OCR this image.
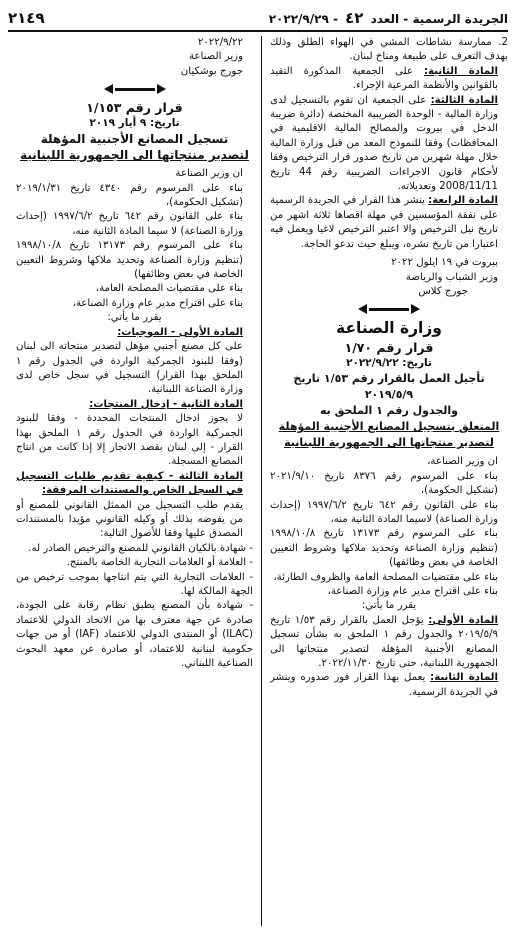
الجريدة الرسمية - العدد ٤٢ - ٢٠٢٢/٩/٢٩
٢١٤٩

2. ممارسة نشاطات المشي في الهواء الطلق وذلك بهدف التعرف على طبيعة ومناخ لبنان.

المادة الثانية: على الجمعية المذكورة التقيد بالقوانين والأنظمة المرعية الإجراء.

المادة الثالثة: على الجمعية ان تقوم بالتسجيل لدى وزارة المالية - الوحدة الضريبية المختصة (دائرة ضريبة الدخل في بيروت والمصالح المالية الاقليمية في المحافظات) وفقا للنموذج المعد من قبل وزارة المالية خلال مهلة شهرين من تاريخ صدور قرار الترخيص وفقا لأحكام قانون الاجراءات الضريبية رقم 44 تاريخ 2008/11/11 وتعديلاته.

المادة الرابعة: ينشر هذا القرار في الجريدة الرسمية على نفقة المؤسسين في مهلة اقصاها ثلاثة اشهر من تاريخ نيل الترخيص والا اعتبر الترخيص لاغيا ويعمل فيه اعتبارا من تاريخ نشره، ويبلغ حيث تدعو الحاجة.

بيروت في ١٩ ايلول ٢٠٢٢

وزير الشباب والرياضة

جورج كلاس

وزارة الصناعة
قرار رقم ١/٧٠
تاريخ: ٢٠٢٢/٩/٢٢
تأجيل العمل بالقرار رقم ١/٥٣ تاريخ ٢٠١٩/٥/٩
والجدول رقم ١ الملحق به
المتعلق بتسجيل المصانع الأجنبية المؤهلة
لتصدير منتجاتها الى الجمهورية اللبنانية

ان وزير الصناعة،

بناء على المرسوم رقم ٨٣٧٦ تاريخ ٢٠٢١/٩/١٠ (تشكيل الحكومة)،

بناء على القانون رقم ٦٤٢ تاريخ ١٩٩٧/٦/٢ (إحداث وزارة الصناعة) لاسيما المادة الثانية منه،

بناء على المرسوم رقم ١٣١٧٣ تاريخ ١٩٩٨/١٠/٨ (تنظيم وزارة الصناعة وتحديد ملاكها وشروط التعيين الخاصة في بعض وظائفها)

بناء على مقتضيات المصلحة العامة والظروف الطارئة،

بناء على اقتراح مدير عام وزارة الصناعة،

يقرر ما يأتي:

المادة الأولى: يؤجل العمل بالقرار رقم ١/٥٣ تاريخ ٢٠١٩/٥/٩ والجدول رقم ١ الملحق به بشأن تسجيل المصانع الأجنبية المؤهلة لتصدير منتجاتها الى الجمهورية اللبنانية، حتى تاريخ ٢٠٢٢/١١/٣٠.

المادة الثانية: يعمل بهذا القرار فور صدوره وينشر في الجريدة الرسمية.

٢٠٢٢/٩/٢٢

وزير الصناعة

جورج بوشكيان

قرار رقم ١/١٥٣
تاريخ: ٩ أيار ٢٠١٩
تسجيل المصانع الأجنبية المؤهلة
لتصدير منتجاتها الى الجمهورية اللبنانية

ان وزير الصناعة

بناء على المرسوم رقم ٤٣٤٠ تاريخ ٢٠١٩/١/٣١ (تشكيل الحكومة)،

بناء على القانون رقم ٦٤٢ تاريخ ١٩٩٧/٦/٢ (إحداث وزارة الصناعة) لا سيما المادة الثانية منه،

بناء على المرسوم رقم ١٣١٧٣ تاريخ ١٩٩٨/١٠/٨ (تنظيم وزارة الصناعة وتحديد ملاكها وشروط التعيين الخاصة في بعض وظائفها)

بناء على مقتضيات المصلحة العامة،

بناء على اقتراح مدير عام وزارة الصناعة،

يقرر ما يأتي:

المادة الأولى - الموجبات:

على كل مصنع أجنبي مؤهل لتصدير منتجاته الى لبنان (وفقا للبنود الجمركية الواردة في الجدول رقم ١ الملحق بهذا القرار) التسجيل في سجل خاص لدى وزارة الصناعة اللبنانية.

المادة الثانية - إدخال المنتجات:

لا يجوز ادخال المنتجات المحددة - وفقا للبنود الجمركية الواردة في الجدول رقم ١ الملحق بهذا القرار - إلى لبنان بقصد الاتجار إلا إذا كانت من انتاج المصانع المسجلة.

المادة الثالثة - كيفية تقديم طلبات التسجيل في السجل الخاص والمستندات المرفقة:

يقدم طلب التسجيل من الممثل القانوني للمصنع أو من يفوضه بذلك أو وكيله القانوني مؤيدا بالمستندات المصدق عليها وفقا للأصول التالية:

- شهادة بالكيان القانوني للمصنع والترخيص الصادر له.

- العلامة أو العلامات التجارية الخاصة بالمنتج.

- العلامات التجارية التي يتم انتاجها بموجب ترخيص من الجهة المالكة لها.

- شهادة بأن المصنع يطبق نظام رقابة على الجودة، صادرة عن جهة معترف بها من الاتحاد الدولي للاعتماد (ILAC) أو المنتدى الدولي للاعتماد (IAF) أو من جهات حكومية لبنانية للاعتماد، أو صادرة عن معهد البحوث الصناعية اللبناني.
